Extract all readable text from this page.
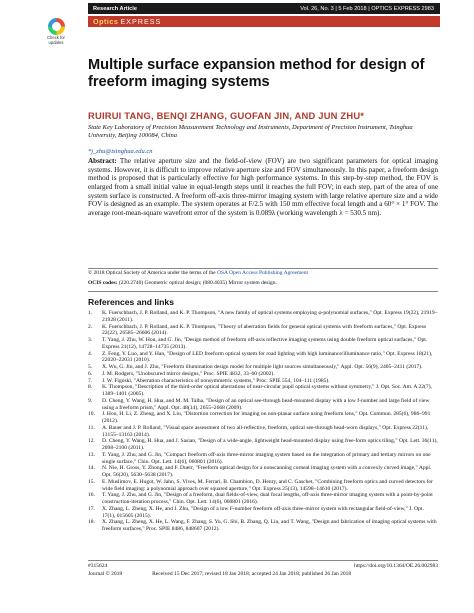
Check for updates
Research Article	Vol. 26, No. 3 | 5 Feb 2018 | OPTICS EXPRESS 2983
Optics EXPRESS
Multiple surface expansion method for design of freeform imaging systems
RUIRUI TANG, BENQI ZHANG, GUOFAN JIN, AND JUN ZHU*
State Key Laboratory of Precision Measurement Technology and Instruments, Department of Precision Instrument, Tsinghua University, Beijing 100084, China
*j_zhu@tsinghua.edu.cn

Abstract: The relative aperture size and the field-of-view (FOV) are two significant parameters for optical imaging systems. However, it is difficult to improve relative aperture size and FOV simultaneously. In this paper, a freeform design method is proposed that is particularly effective for high performance systems. In this step-by-step method, the FOV is enlarged from a small initial value in equal-length steps until it reaches the full FOV; in each step, part of the area of one system surface is constructed. A freeform off-axis three-mirror imaging system with large relative aperture size and a wide FOV is designed as an example. The system operates at F/2.5 with 150 mm effective focal length and a 60° × 1° FOV. The average root-mean-square wavefront error of the system is 0.089λ (working wavelength λ = 530.5 nm).

© 2018 Optical Society of America under the terms of the OSA Open Access Publishing Agreement
OCIS codes: (220.2740) Geometric optical design; (080.4035) Mirror system design.
References and links
1.	K. Fuerschbach, J. P. Rolland, and K. P. Thompson, "A new family of optical systems employing φ-polynomial surfaces," Opt. Express 19(22), 21919–21928 (2011).
2.	K. Fuerschbach, J. P. Rolland, and K. P. Thompson, "Theory of aberration fields for general optical systems with freeform surfaces," Opt. Express 22(22), 26585–26606 (2014).
3.	T. Yang, J. Zhu, W. Hou, and G. Jin, "Design method of freeform off-axis reflective imaging systems using double freeform optical surfaces," Opt. Express 21(12), 14728–14735 (2013).
4.	Z. Feng, Y. Luo, and Y. Han, "Design of LED freeform optical system for road lighting with high luminance/illuminance ratio," Opt. Express 18(21), 22020–22031 (2010).
5.	X. Wu, G. Jin, and J. Zhu, "Freeform illumination design model for multiple light sources simultaneously," Appl. Opt. 56(9), 2405–2411 (2017).
6.	J. M. Rodgers, "Unobscured mirror designs," Proc. SPIE 4832, 33–60 (2002).
7.	J. W. Figoski, "Aberration characteristics of nonsymmetric systems," Proc. SPIE 554, 104–111 (1985).
8.	K. Thompson, "Description of the third-order optical aberrations of near-circular pupil optical systems without symmetry," J. Opt. Soc. Am. A 22(7), 1389–1401 (2005).
9.	D. Cheng, Y. Wang, H. Hua, and M. M. Talha, "Design of an optical see-through head-mounted display with a low f-number and large field of view using a freeform prism," Appl. Opt. 48(14), 2655–2668 (2009).
10.	J. Hou, H. Li, Z. Zheng, and X. Liu, "Distortion correction for imaging on non-planar surface using freeform lens," Opt. Commun. 285(6), 986–991 (2012).
11.	A. Bauer and J. P. Rolland, "Visual space assessment of two all-reflective, freeform, optical see-through head-worn displays," Opt. Express 22(11), 13155–13163 (2014).
12.	D. Cheng, Y. Wang, H. Hua, and J. Sasian, "Design of a wide-angle, lightweight head-mounted display using free-form optics tiling," Opt. Lett. 36(11), 2098–2100 (2011).
13.	T. Yang, J. Zhu, and G. Jin, "Compact freeform off-axis three-mirror imaging system based on the integration of primary and tertiary mirrors on one single surface," Chin. Opt. Lett. 14(6), 060801 (2016).
14.	N. Nie, H. Gross, Y. Zhong, and F. Duerr, "Freeform optical design for a nonscanning corneal imaging system with a convexly curved image," Appl. Opt. 56(20), 5630–5638 (2017).
15.	E. Muslimov, E. Hugot, W. Jahn, S. Vives, M. Ferrari, B. Chambion, D. Henry, and C. Gaschet, "Combining freeform optics and curved detectors for wide field imaging: a polynomial approach over squared aperture," Opt. Express 25(13), 14598–14610 (2017).
16.	T. Yang, J. Zhu, and G. Jin, "Design of a freeform, dual fields-of-view, dual focal lengths, off-axis three-mirror imaging system with a point-by-point construction-iteration process," Chin. Opt. Lett. 14(6), 060801 (2016).
17.	X. Zhang, L. Zheng, X. He, and J. Zhu, "Design of a low F-number freeform off-axis three-mirror system with rectangular field-of-view," J. Opt. 17(1), 015605 (2015).
18.	X. Zhang, L. Zheng, X. He, L. Wang, F. Zhang, S. Yu, G. Shi, B. Zhang, Q. Liu, and T. Wang, "Design and fabrication of imaging optical systems with freeform surfaces," Proc. SPIE 8486, 848607 (2012).
#315624	https://doi.org/10.1364/OE.26.002983
Journal © 2018	Received 15 Dec 2017; revised 18 Jan 2018; accepted 24 Jan 2018; published 26 Jan 2018
